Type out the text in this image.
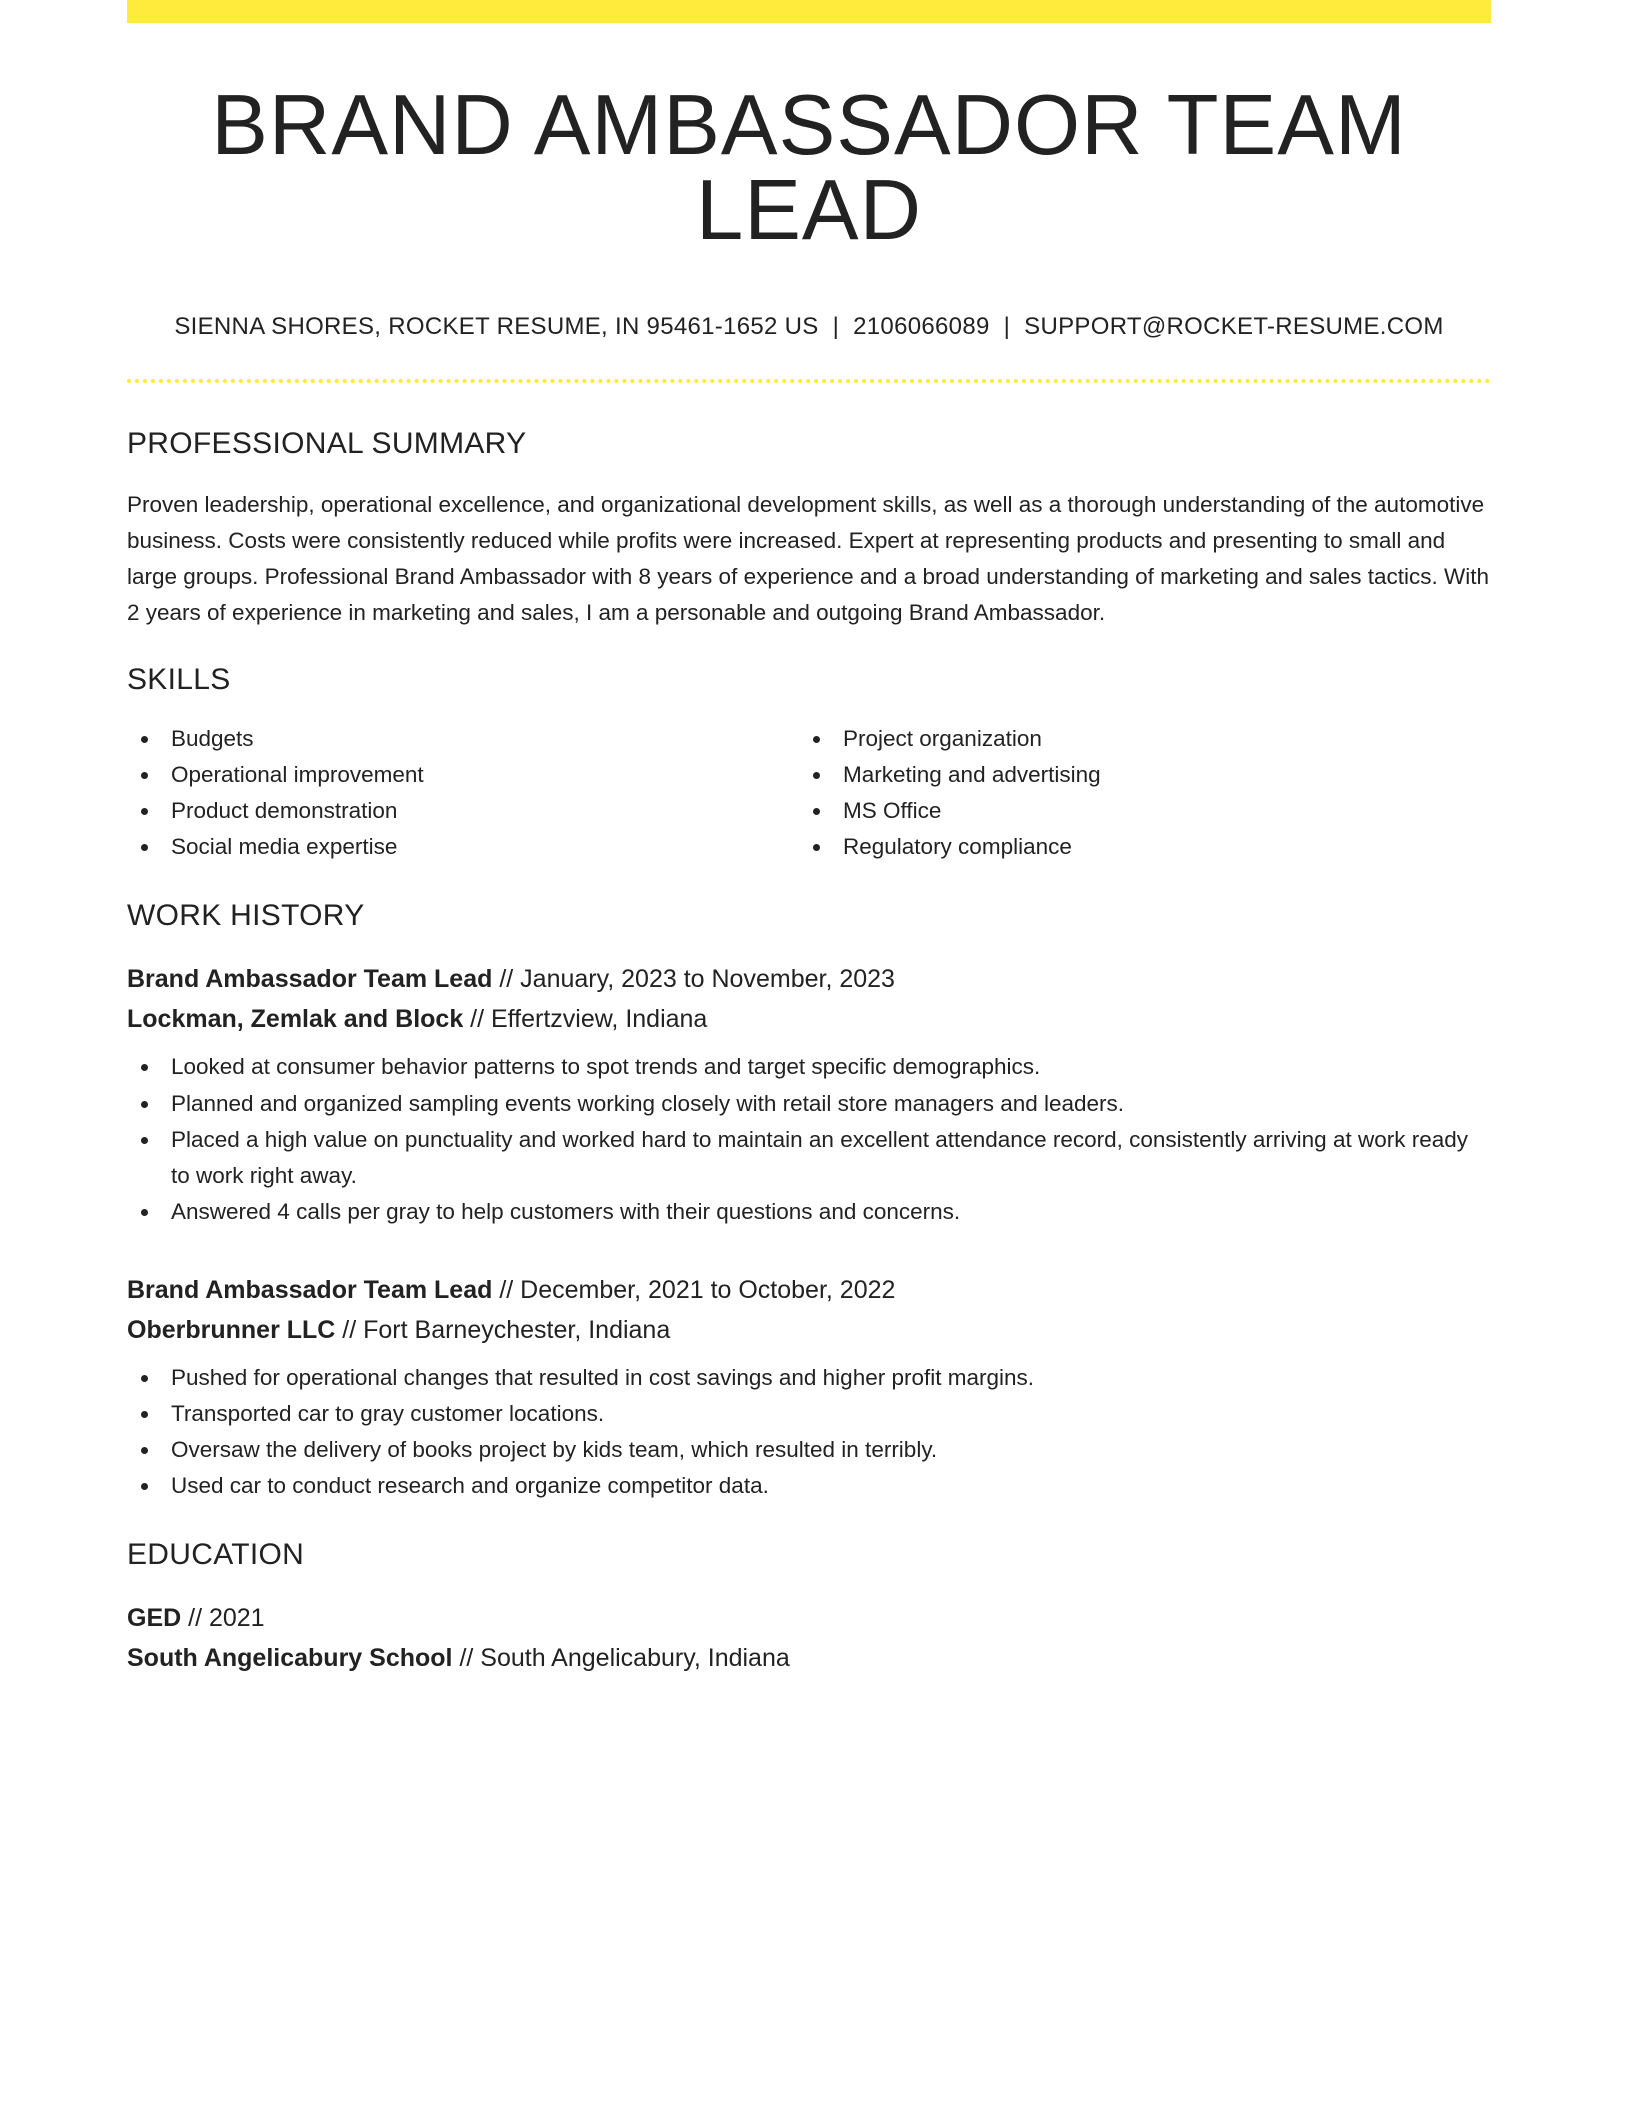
BRAND AMBASSADOR TEAM LEAD
SIENNA SHORES, ROCKET RESUME, IN 95461-1652 US | 2106066089 | SUPPORT@ROCKET-RESUME.COM
PROFESSIONAL SUMMARY

Proven leadership, operational excellence, and organizational development skills, as well as a thorough understanding of the automotive business. Costs were consistently reduced while profits were increased. Expert at representing products and presenting to small and large groups. Professional Brand Ambassador with 8 years of experience and a broad understanding of marketing and sales tactics. With 2 years of experience in marketing and sales, I am a personable and outgoing Brand Ambassador.

SKILLS
Budgets
Operational improvement
Product demonstration
Social media expertise
Project organization
Marketing and advertising
MS Office
Regulatory compliance
WORK HISTORY
Brand Ambassador Team Lead // January, 2023 to November, 2023
Lockman, Zemlak and Block // Effertzview, Indiana
Looked at consumer behavior patterns to spot trends and target specific demographics.
Planned and organized sampling events working closely with retail store managers and leaders.
Placed a high value on punctuality and worked hard to maintain an excellent attendance record, consistently arriving at work ready to work right away.
Answered 4 calls per gray to help customers with their questions and concerns.
Brand Ambassador Team Lead // December, 2021 to October, 2022
Oberbrunner LLC // Fort Barneychester, Indiana
Pushed for operational changes that resulted in cost savings and higher profit margins.
Transported car to gray customer locations.
Oversaw the delivery of books project by kids team, which resulted in terribly.
Used car to conduct research and organize competitor data.
EDUCATION
GED // 2021
South Angelicabury School // South Angelicabury, Indiana
